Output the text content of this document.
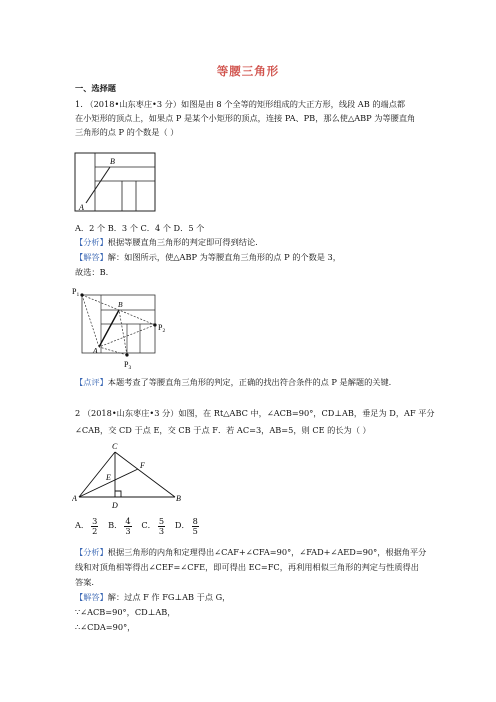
等腰三角形
一、选择题
1. （2018•山东枣庄•3 分）如图是由 8 个全等的矩形组成的大正方形，线段 AB 的端点都
在小矩形的顶点上，如果点 P 是某个小矩形的顶点，连接 PA、PB，那么使△ABP 为等腰直角
三角形的点 P 的个数是（ ）
B
A
A．2 个 B．3 个 C．4 个 D．5 个
【分析】根据等腰直角三角形的判定即可得到结论.
【解答】解：如图所示，使△ABP 为等腰直角三角形的点 P 的个数是 3，
故选：B.
$P_1$
$P_2$
$P_3$
B
A
【点评】本题考查了等腰直角三角形的判定，正确的找出符合条件的点 P 是解题的关键.
2 （2018•山东枣庄•3 分）如图，在 Rt△ABC 中，∠ACB=90°，CD⊥AB，垂足为 D，AF 平分
∠CAB，交 CD 于点 E，交 CB 于点 F．若 AC=3，AB=5，则 CE 的长为（ ）
C
F
E
A
D
B
A． $\frac{3}{2}$ B． $\frac{4}{3}$ C． $\frac{5}{3}$ D． $\frac{8}{5}$
【分析】根据三角形的内角和定理得出∠CAF+∠CFA=90°，∠FAD+∠AED=90°，根据角平分
线和对顶角相等得出∠CEF=∠CFE，即可得出 EC=FC，再利用相似三角形的判定与性质得出
答案.
【解答】解：过点 F 作 FG⊥AB 于点 G，
∵∠ACB=90°，CD⊥AB，
∴∠CDA=90°，
